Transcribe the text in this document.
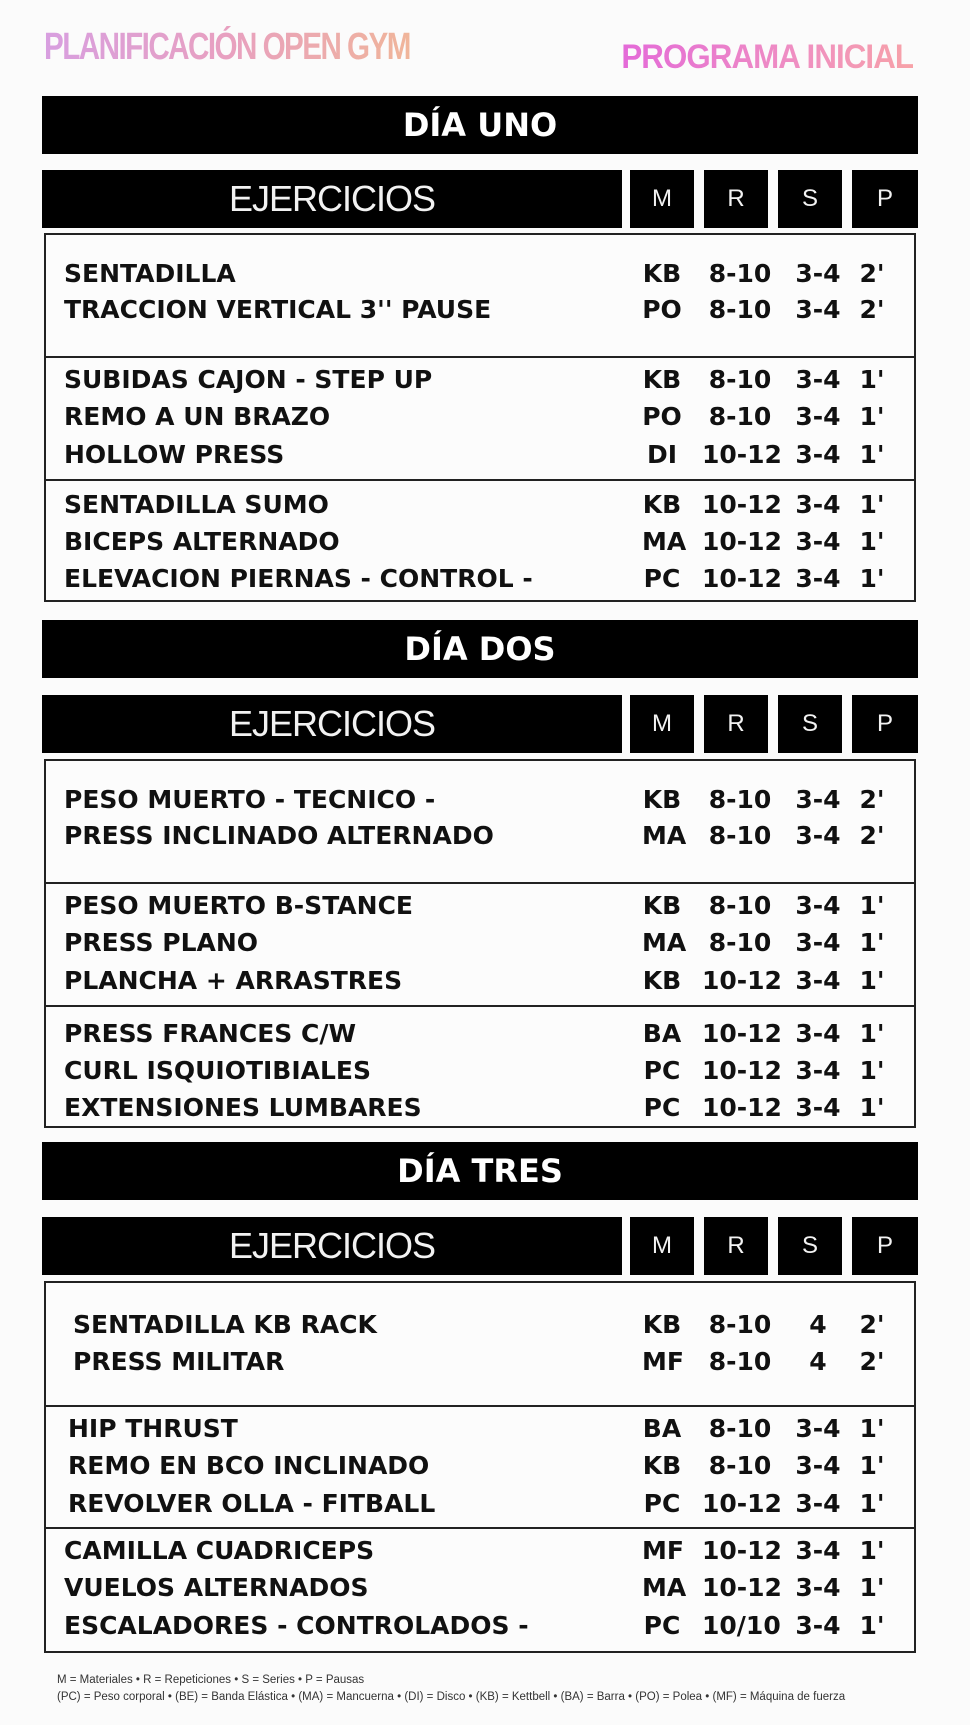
PLANIFICACIÓN OPEN GYM	PROGRAMA INICIAL
DÍA UNO
EJERCICIOS	M	R	S	P
SENTADILLA	KB 8-10 3-4 2'
TRACCION VERTICAL 3'' PAUSE	PO 8-10 3-4 2'
SUBIDAS CAJON - STEP UP	KB 8-10 3-4 1'
REMO A UN BRAZO	PO 8-10 3-4 1'
HOLLOW PRESS	DI 10-12 3-4 1'
SENTADILLA SUMO	KB 10-12 3-4 1'
BICEPS ALTERNADO	MA 10-12 3-4 1'
ELEVACION PIERNAS - CONTROL -	PC 10-12 3-4 1'
DÍA DOS
EJERCICIOS	M	R	S	P
PESO MUERTO - TECNICO -	KB 8-10 3-4 2'
PRESS INCLINADO ALTERNADO	MA 8-10 3-4 2'
PESO MUERTO B-STANCE	KB 8-10 3-4 1'
PRESS PLANO	MA 8-10 3-4 1'
PLANCHA + ARRASTRES	KB 10-12 3-4 1'
PRESS FRANCES C/W	BA 10-12 3-4 1'
CURL ISQUIOTIBIALES	PC 10-12 3-4 1'
EXTENSIONES LUMBARES	PC 10-12 3-4 1'
DÍA TRES
EJERCICIOS	M	R	S	P
SENTADILLA KB RACK	KB 8-10	4	2'
PRESS MILITAR	MF 8-10	4	2'
HIP THRUST	BA 8-10 3-4 1'
REMO EN BCO INCLINADO	KB 8-10 3-4 1'
REVOLVER OLLA - FITBALL	PC 10-12 3-4 1'
CAMILLA CUADRICEPS	MF 10-12 3-4 1'
VUELOS ALTERNADOS	MA 10-12 3-4 1'
ESCALADORES - CONTROLADOS -	PC 10/10 3-4 1'
M = Materiales • R = Repeticiones • S = Series • P = Pausas
(PC) = Peso corporal • (BE) = Banda Elástica • (MA) = Mancuerna • (DI) = Disco • (KB) = Kettbell • (BA) = Barra • (PO) = Polea • (MF) = Máquina de fuerza
